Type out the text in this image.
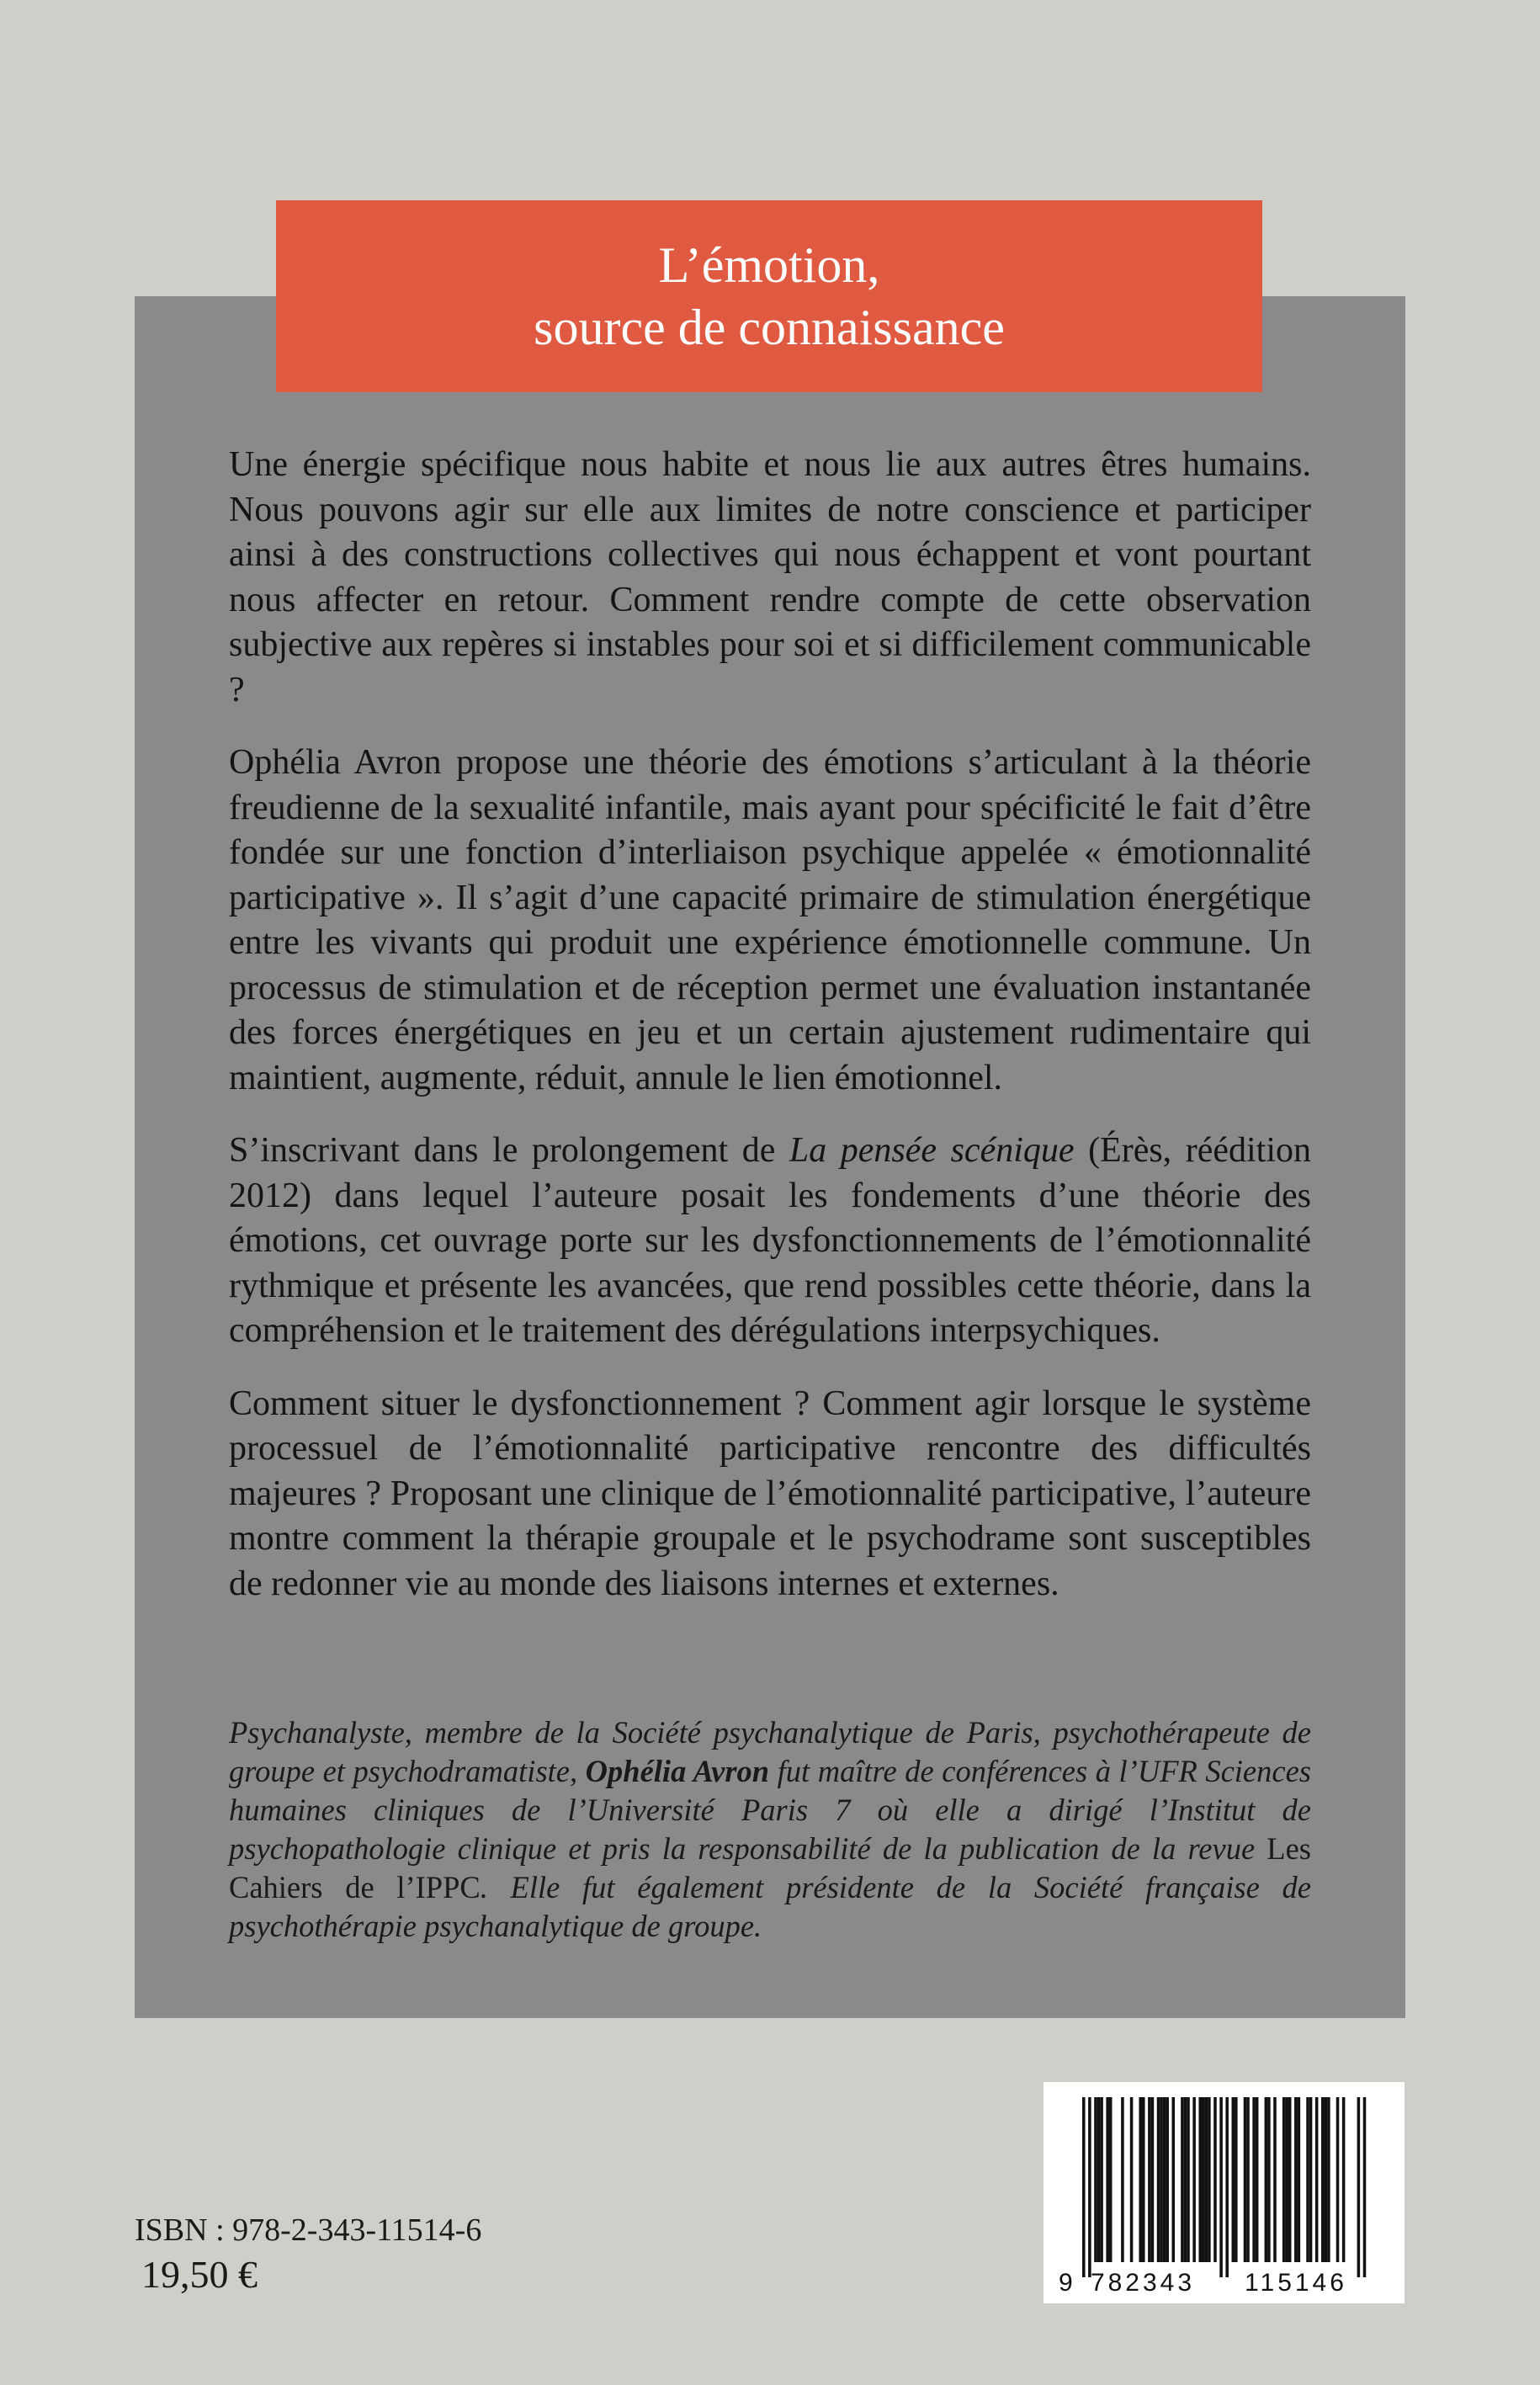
L’émotion,
source de connaissance

Une énergie spécifique nous habite et nous lie aux autres êtres humains. Nous pouvons agir sur elle aux limites de notre conscience et participer ainsi à des constructions collectives qui nous échappent et vont pourtant nous affecter en retour. Comment rendre compte de cette observation subjective aux repères si instables pour soi et si difficilement communicable ?

Ophélia Avron propose une théorie des émotions s’articulant à la théorie freudienne de la sexualité infantile, mais ayant pour spécificité le fait d’être fondée sur une fonction d’interliaison psychique appelée « émotionnalité participative ». Il s’agit d’une capacité primaire de stimulation énergétique entre les vivants qui produit une expérience émotionnelle commune. Un processus de stimulation et de réception permet une évaluation instantanée des forces énergétiques en jeu et un certain ajustement rudimentaire qui maintient, augmente, réduit, annule le lien émotionnel.

S’inscrivant dans le prolongement de La pensée scénique (Érès, réédition 2012) dans lequel l’auteure posait les fondements d’une théorie des émotions, cet ouvrage porte sur les dysfonctionnements de l’émotionnalité rythmique et présente les avancées, que rend possibles cette théorie, dans la compréhension et le traitement des dérégulations interpsychiques.

Comment situer le dysfonctionnement ? Comment agir lorsque le système processuel de l’émotionnalité participative rencontre des difficultés majeures ? Proposant une clinique de l’émotionnalité participative, l’auteure montre comment la thérapie groupale et le psychodrame sont susceptibles de redonner vie au monde des liaisons internes et externes.

Psychanalyste, membre de la Société psychanalytique de Paris, psychothérapeute de groupe et psychodramatiste, Ophélia Avron fut maître de conférences à l’UFR Sciences humaines cliniques de l’Université Paris 7 où elle a dirigé l’Institut de psychopathologie clinique et pris la responsabilité de la publication de la revue Les Cahiers de l’IPPC. Elle fut également présidente de la Société française de psychothérapie psychanalytique de groupe.
9 782343 115146
ISBN : 978-2-343-11514-6
19,50 €
